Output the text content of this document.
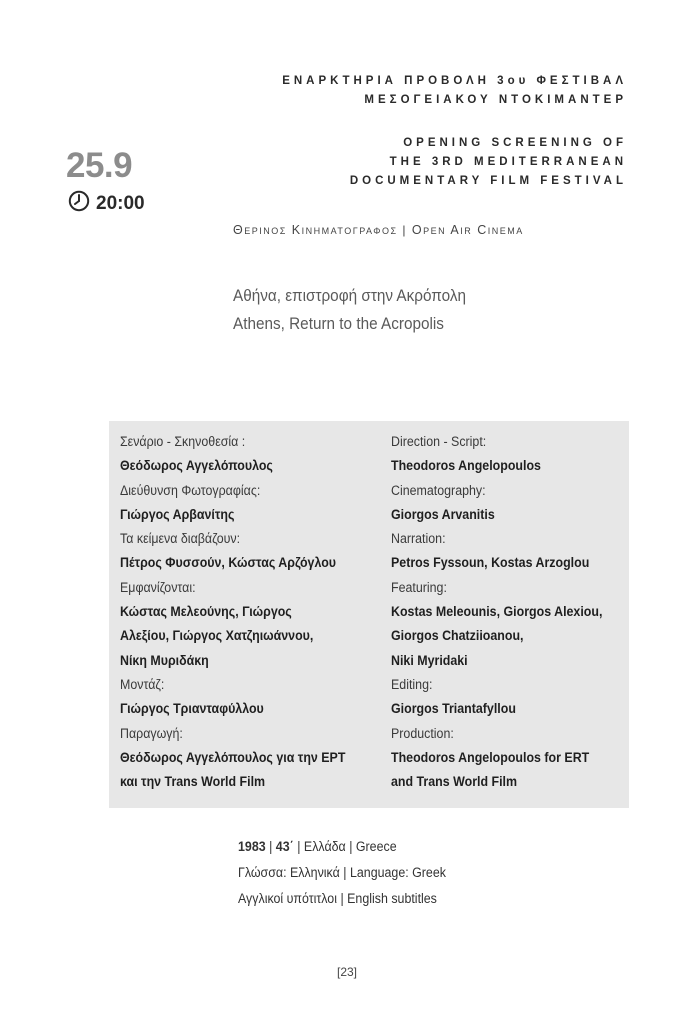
ΕΝΑΡΚΤΗΡΙΑ ΠΡΟΒΟΛΗ 3ου ΦΕΣΤΙΒΑΛ
ΜΕΣΟΓΕΙΑΚΟΥ ΝΤΟΚΙΜΑΝΤΕΡ
OPENING SCREENING OF
THE 3RD MEDITERRANEAN
DOCUMENTARY FILM FESTIVAL
25.9
20:00
Θερινος Κινηματογραφος | Open Air Cinema
Αθήνα, επιστροφή στην Ακρόπολη
Athens, Return to the Acropolis
Σενάριο - Σκηνοθεσία :
Θεόδωρος Αγγελόπουλος
Διεύθυνση Φωτογραφίας:
Γιώργος Αρβανίτης
Τα κείμενα διαβάζουν:
Πέτρος Φυσσούν, Κώστας Αρζόγλου
Εμφανίζονται:
Κώστας Μελεούνης, Γιώργος
Αλεξίου, Γιώργος Χατζηιωάννου,
Νίκη Μυριδάκη
Μοντάζ:
Γιώργος Τριανταφύλλου
Παραγωγή:
Θεόδωρος Αγγελόπουλος για την ΕΡΤ
και την Trans World Film
Direction - Script:
Theodoros Angelopoulos
Cinematography:
Giorgos Arvanitis
Narration:
Petros Fyssoun, Kostas Arzoglou
Featuring:
Kostas Meleounis, Giorgos Alexiou,
Giorgos Chatziioanou,
Niki Myridaki
Editing:
Giorgos Triantafyllou
Production:
Theodoros Angelopoulos for ERT
and Trans World Film
1983 | 43΄ | Ελλάδα | Greece
Γλώσσα: Ελληνικά | Language: Greek
Αγγλικοί υπότιτλοι | English subtitles
[23]
